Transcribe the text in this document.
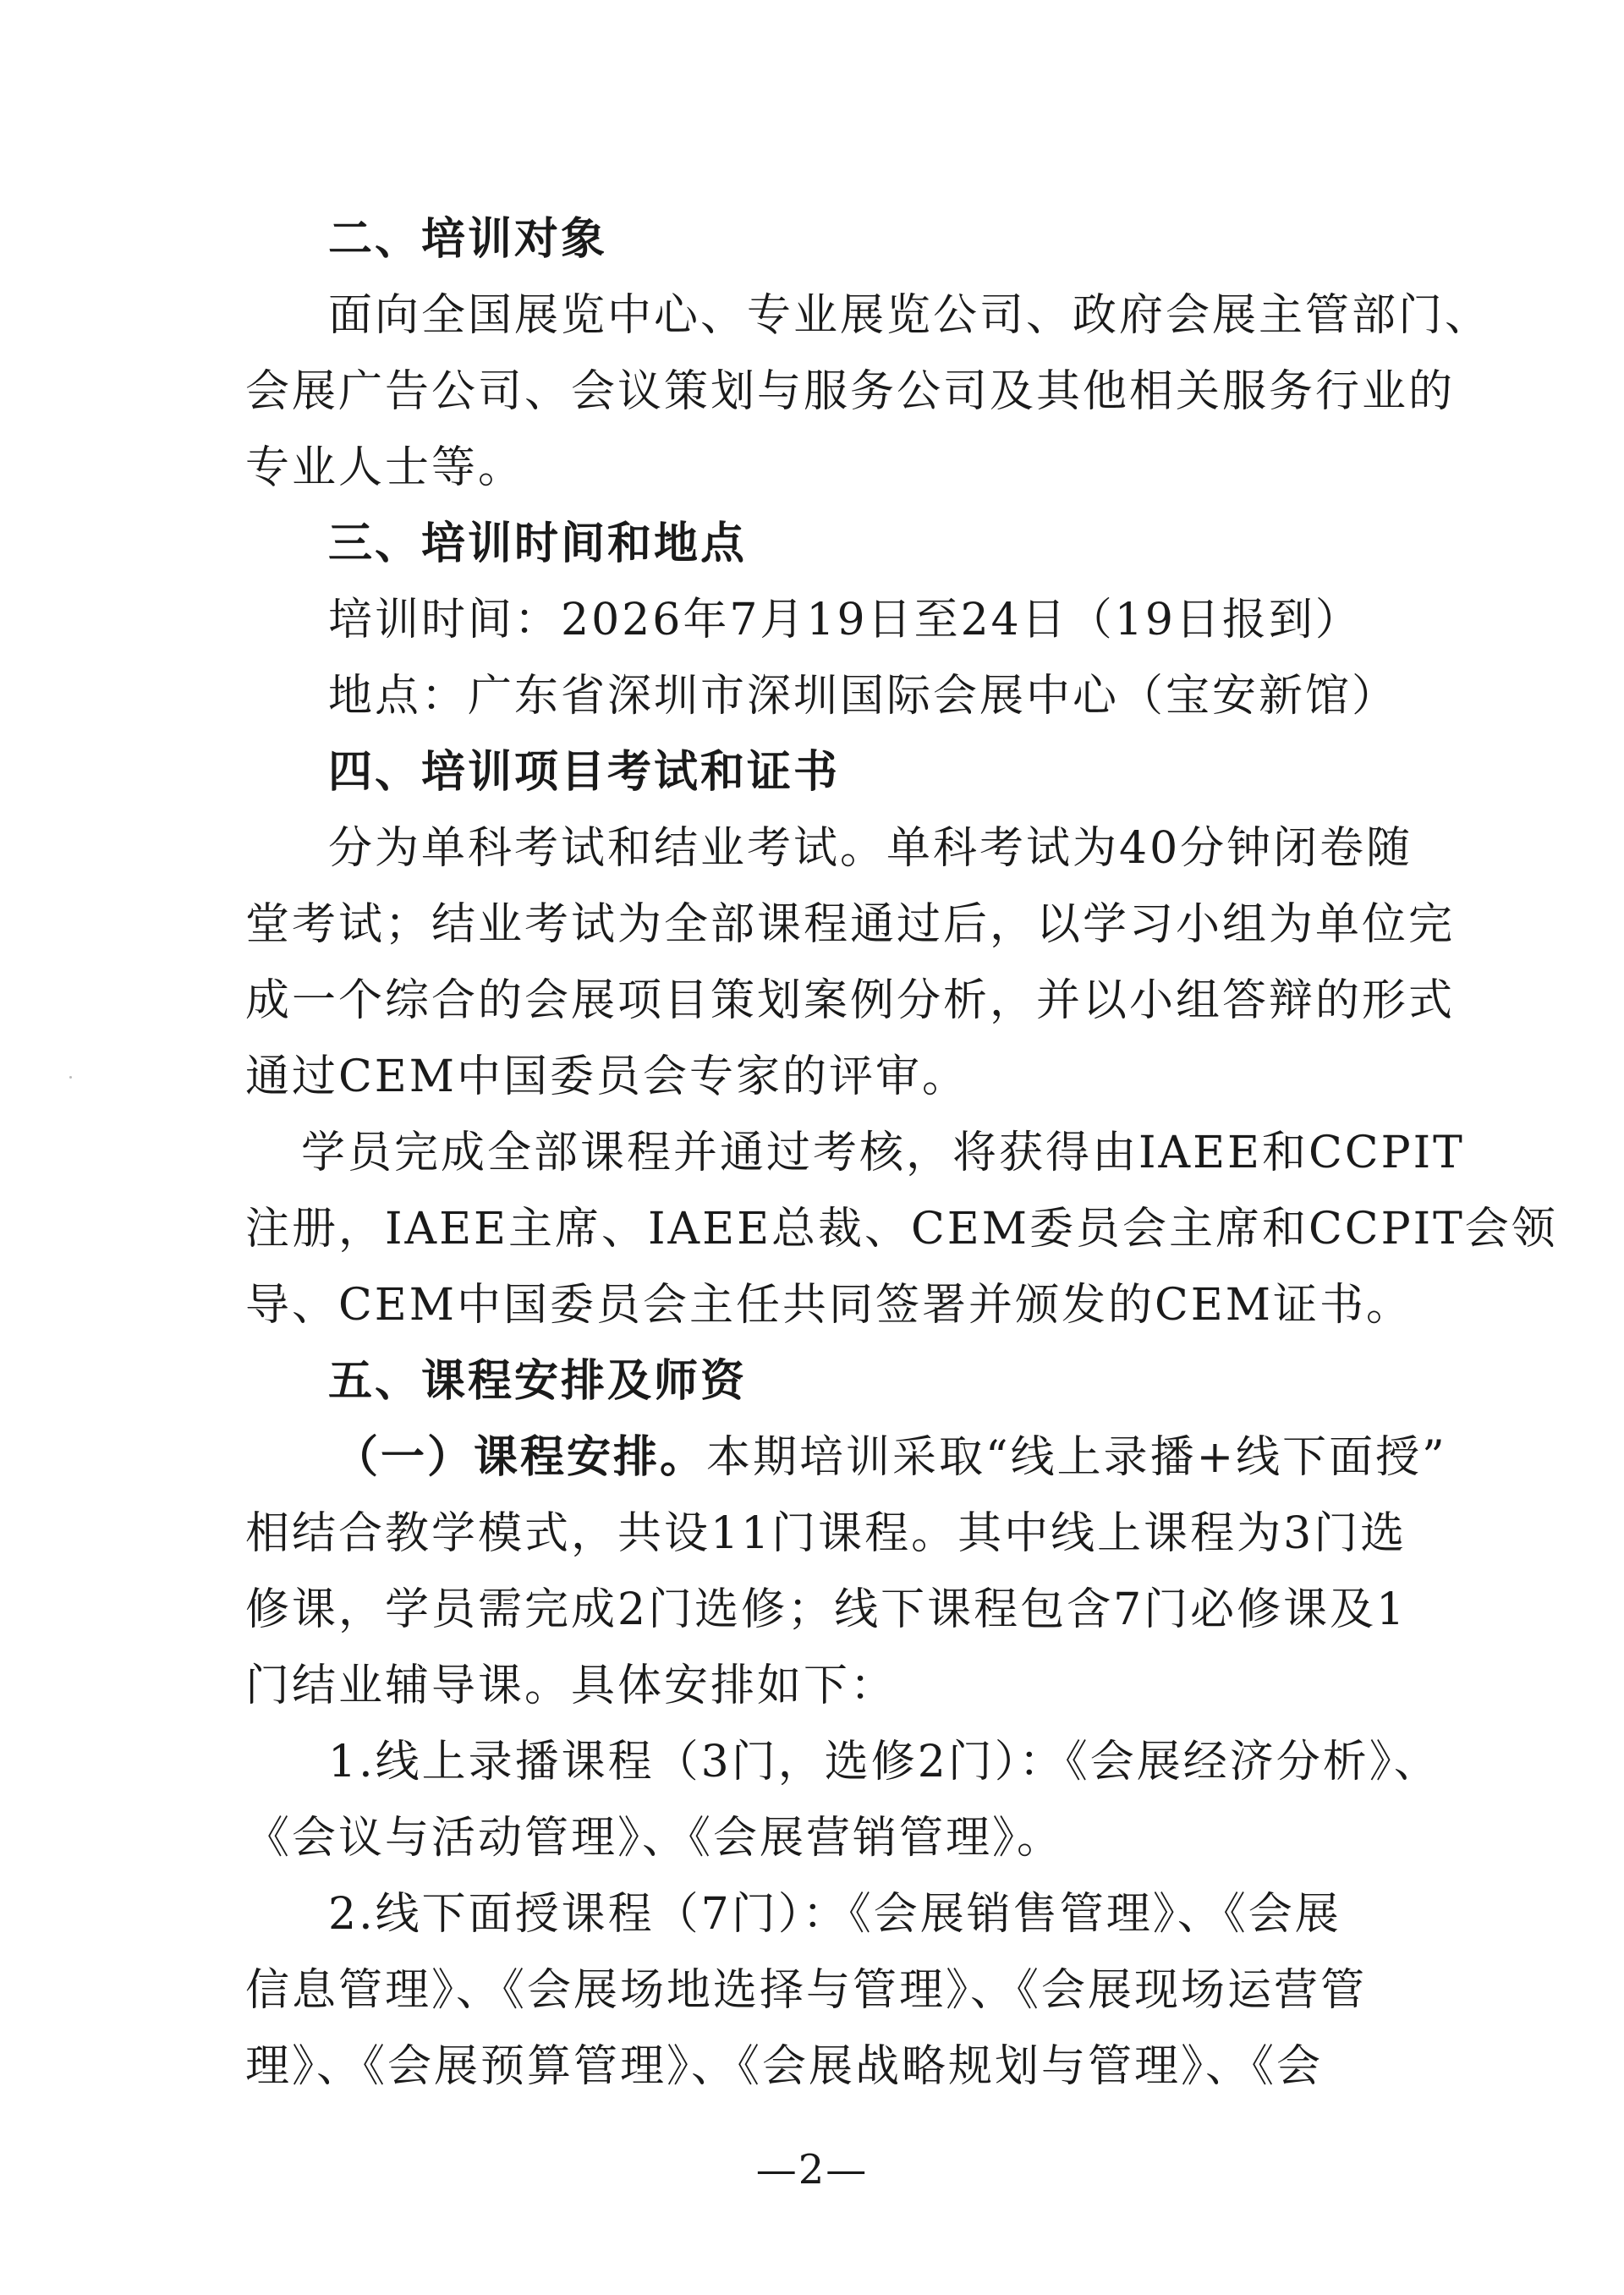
二、培训对象
面向全国展览中心、专业展览公司、政府会展主管部门、
会展广告公司、会议策划与服务公司及其他相关服务行业的
专业人士等。
三、培训时间和地点
培训时间：2026年7月19日至24日（19日报到）
地点：广东省深圳市深圳国际会展中心（宝安新馆）
四、培训项目考试和证书
分为单科考试和结业考试。单科考试为40分钟闭卷随
堂考试；结业考试为全部课程通过后，以学习小组为单位完
成一个综合的会展项目策划案例分析，并以小组答辩的形式
通过CEM中国委员会专家的评审。
学员完成全部课程并通过考核，将获得由IAEE和CCPIT
注册，IAEE主席、IAEE总裁、CEM委员会主席和CCPIT会领
导、CEM中国委员会主任共同签署并颁发的CEM证书。
五、课程安排及师资
（一）课程安排。本期培训采取“线上录播+线下面授”
相结合教学模式，共设11门课程。其中线上课程为3门选
修课，学员需完成2门选修；线下课程包含7门必修课及1
门结业辅导课。具体安排如下：
1.线上录播课程（3门，选修2门）：《会展经济分析》、
《会议与活动管理》、《会展营销管理》。
2.线下面授课程（7门）：《会展销售管理》、《会展
信息管理》、《会展场地选择与管理》、《会展现场运营管
理》、《会展预算管理》、《会展战略规划与管理》、《会
—2—
